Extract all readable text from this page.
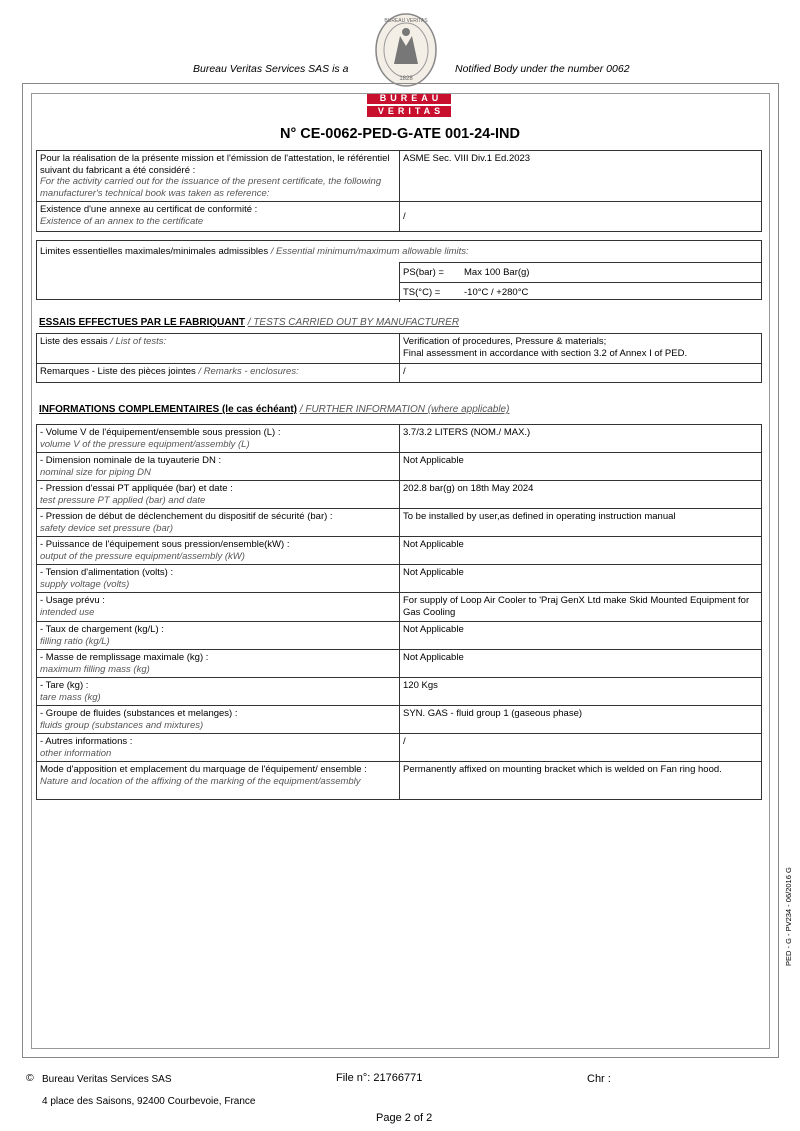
Bureau Veritas Services SAS is a	Notified Body under the number 0062
BUREAU VERITAS
1828
BUREAU
VERITAS
N° CE-0062-PED-G-ATE 001-24-IND
Pour la réalisation de la présente mission et l'émission de l'attestation, le référentiel suivant du fabricant a été considéré :
For the activity carried out for the issuance of the present certificate, the following manufacturer's technical book was taken as reference:	ASME Sec. VIII Div.1 Ed.2023

Existence d'une annexe au certificat de conformité :
Existence of an annex to the certificate	/
Limites essentielles maximales/minimales admissibles / Essential minimum/maximum allowable limits:
PS(bar) =	Max 100 Bar(g)
TS(°C) =	-10°C / +280°C
ESSAIS EFFECTUES PAR LE FABRIQUANT / TESTS CARRIED OUT BY MANUFACTURER
Liste des essais / List of tests:	Verification of procedures, Pressure & materials;
Final assessment in accordance with section 3.2 of Annex I of PED.

Remarques - Liste des pièces jointes / Remarks - enclosures:	/
INFORMATIONS COMPLEMENTAIRES (le cas échéant) / FURTHER INFORMATION (where applicable)
- Volume V de l'équipement/ensemble sous pression (L) :
volume V of the pressure equipment/assembly (L)	3.7/3.2 LITERS (NOM./ MAX.)

- Dimension nominale de la tuyauterie DN :
nominal size for piping DN	Not Applicable

- Pression d'essai PT appliquée (bar) et date :
test pressure PT applied (bar) and date	202.8 bar(g) on 18th May 2024

- Pression de début de déclenchement du dispositif de sécurité (bar) :
safety device set pressure (bar)	To be installed by user,as defined in operating instruction manual

- Puissance de l'équipement sous pression/ensemble(kW) :
output of the pressure equipment/assembly (kW)	Not Applicable

- Tension d'alimentation (volts) :
supply voltage (volts)	Not Applicable

- Usage prévu :
intended use	For supply of Loop Air Cooler to 'Praj GenX Ltd make Skid Mounted Equipment for Gas Cooling

- Taux de chargement (kg/L) :
filling ratio (kg/L)	Not Applicable

- Masse de remplissage maximale (kg) :
maximum filling mass (kg)	Not Applicable

- Tare (kg) :
tare mass (kg)	120 Kgs

- Groupe de fluides (substances et melanges) :
fluids group (substances and mixtures)	SYN. GAS - fluid group 1 (gaseous phase)

- Autres informations :
other information	/

Mode d'apposition et emplacement du marquage de l'équipement/ ensemble :
Nature and location of the affixing of the marking of the equipment/assembly	Permanently affixed on mounting bracket which is welded on Fan ring hood.
PED - G - PV234 - 06/2016 G
© Bureau Veritas Services SAS
4 place des Saisons, 92400 Courbevoie, France
File n°: 21766771	Chr :
Page 2 of 2
